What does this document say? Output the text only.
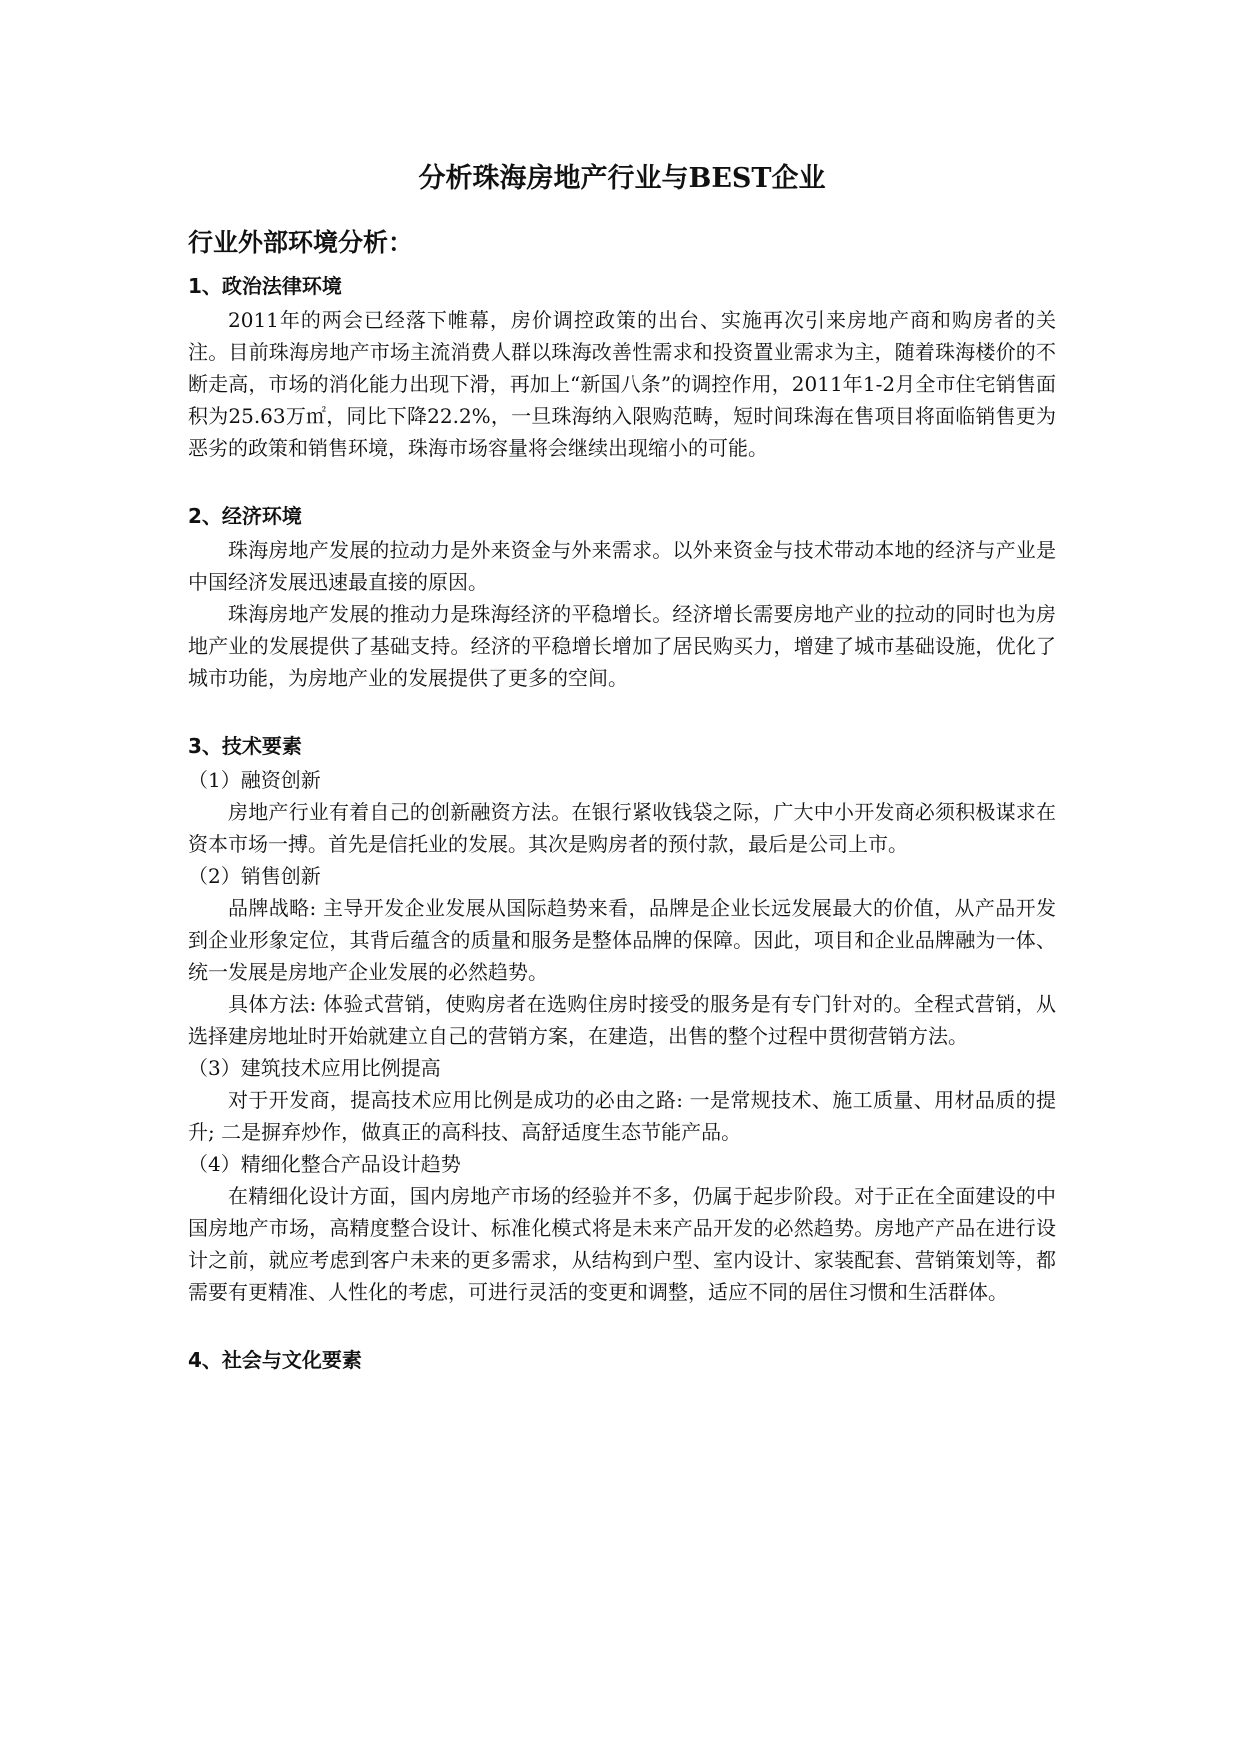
分析珠海房地产行业与BEST企业
行业外部环境分析：
1、政治法律环境

2011年的两会已经落下帷幕，房价调控政策的出台、实施再次引来房地产商和购房者的关注。目前珠海房地产市场主流消费人群以珠海改善性需求和投资置业需求为主，随着珠海楼价的不断走高，市场的消化能力出现下滑，再加上“新国八条”的调控作用，2011年1-2月全市住宅销售面积为25.63万㎡，同比下降22.2%，一旦珠海纳入限购范畴，短时间珠海在售项目将面临销售更为恶劣的政策和销售环境，珠海市场容量将会继续出现缩小的可能。

2、经济环境

珠海房地产发展的拉动力是外来资金与外来需求。以外来资金与技术带动本地的经济与产业是中国经济发展迅速最直接的原因。

珠海房地产发展的推动力是珠海经济的平稳增长。经济增长需要房地产业的拉动的同时也为房地产业的发展提供了基础支持。经济的平稳增长增加了居民购买力，增建了城市基础设施，优化了城市功能，为房地产业的发展提供了更多的空间。

3、技术要素

（1）融资创新

房地产行业有着自己的创新融资方法。在银行紧收钱袋之际，广大中小开发商必须积极谋求在资本市场一搏。首先是信托业的发展。其次是购房者的预付款，最后是公司上市。

（2）销售创新

品牌战略: 主导开发企业发展从国际趋势来看，品牌是企业长远发展最大的价值，从产品开发到企业形象定位，其背后蕴含的质量和服务是整体品牌的保障。因此，项目和企业品牌融为一体、统一发展是房地产企业发展的必然趋势。

具体方法: 体验式营销，使购房者在选购住房时接受的服务是有专门针对的。全程式营销，从选择建房地址时开始就建立自己的营销方案，在建造，出售的整个过程中贯彻营销方法。

（3）建筑技术应用比例提高

对于开发商，提高技术应用比例是成功的必由之路: 一是常规技术、施工质量、用材品质的提升; 二是摒弃炒作，做真正的高科技、高舒适度生态节能产品。

（4）精细化整合产品设计趋势

在精细化设计方面，国内房地产市场的经验并不多，仍属于起步阶段。对于正在全面建设的中国房地产市场，高精度整合设计、标准化模式将是未来产品开发的必然趋势。房地产产品在进行设计之前，就应考虑到客户未来的更多需求，从结构到户型、室内设计、家装配套、营销策划等，都需要有更精准、人性化的考虑，可进行灵活的变更和调整，适应不同的居住习惯和生活群体。

4、社会与文化要素
